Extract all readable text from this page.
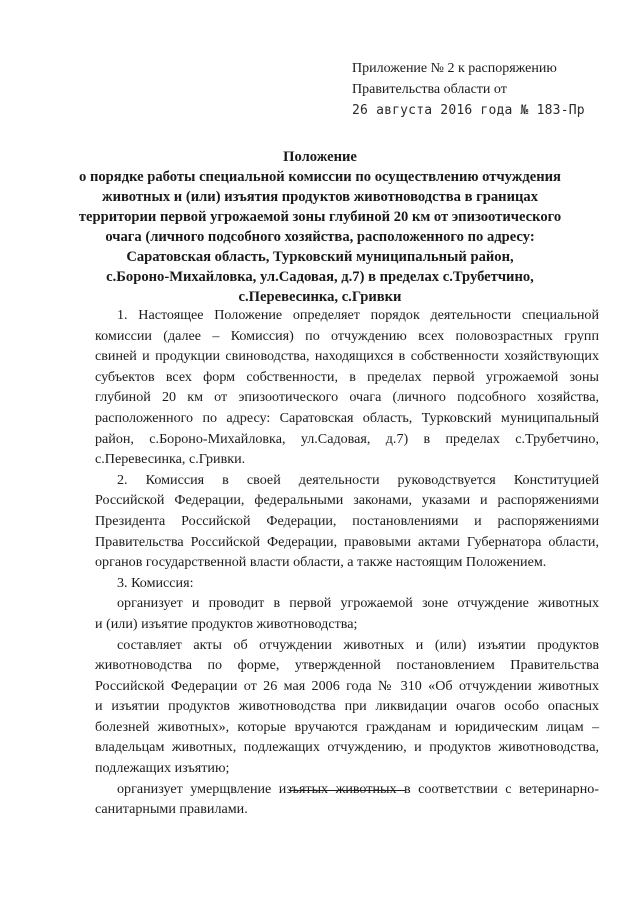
Приложение № 2 к распоряжению
Правительства области от
26 августа 2016 года № 183-Пр
Положение
о порядке работы специальной комиссии по осуществлению отчуждения
животных и (или) изъятия продуктов животноводства в границах
территории первой угрожаемой зоны глубиной 20 км от эпизоотического
очага (личного подсобного хозяйства, расположенного по адресу:
Саратовская область, Турковский муниципальный район,
с.Бороно-Михайловка, ул.Садовая, д.7) в пределах с.Трубетчино,
с.Перевесинка, с.Гривки
1. Настоящее Положение определяет порядок деятельности специальной
комиссии (далее – Комиссия) по отчуждению всех половозрастных групп
свиней и продукции свиноводства, находящихся в собственности хозяйствующих
субъектов всех форм собственности, в пределах первой угрожаемой зоны
глубиной 20 км от эпизоотического очага (личного подсобного хозяйства,
расположенного по адресу: Саратовская область, Турковский муниципальный
район, с.Бороно-Михайловка, ул.Садовая, д.7) в пределах с.Трубетчино,
с.Перевесинка, с.Гривки.
2. Комиссия в своей деятельности руководствуется Конституцией
Российской Федерации, федеральными законами, указами и распоряжениями
Президента Российской Федерации, постановлениями и распоряжениями
Правительства Российской Федерации, правовыми актами Губернатора области,
органов государственной власти области, а также настоящим Положением.
3. Комиссия:
организует и проводит в первой угрожаемой зоне отчуждение животных
и (или) изъятие продуктов животноводства;
составляет акты об отчуждении животных и (или) изъятии продуктов
животноводства по форме, утвержденной постановлением Правительства
Российской Федерации от 26 мая 2006 года № 310 «Об отчуждении животных
и изъятии продуктов животноводства при ликвидации очагов особо опасных
болезней животных», которые вручаются гражданам и юридическим лицам –
владельцам животных, подлежащих отчуждению, и продуктов животноводства,
подлежащих изъятию;
организует умерщвление изъятых животных в соответствии с ветеринарно-
санитарными правилами.
